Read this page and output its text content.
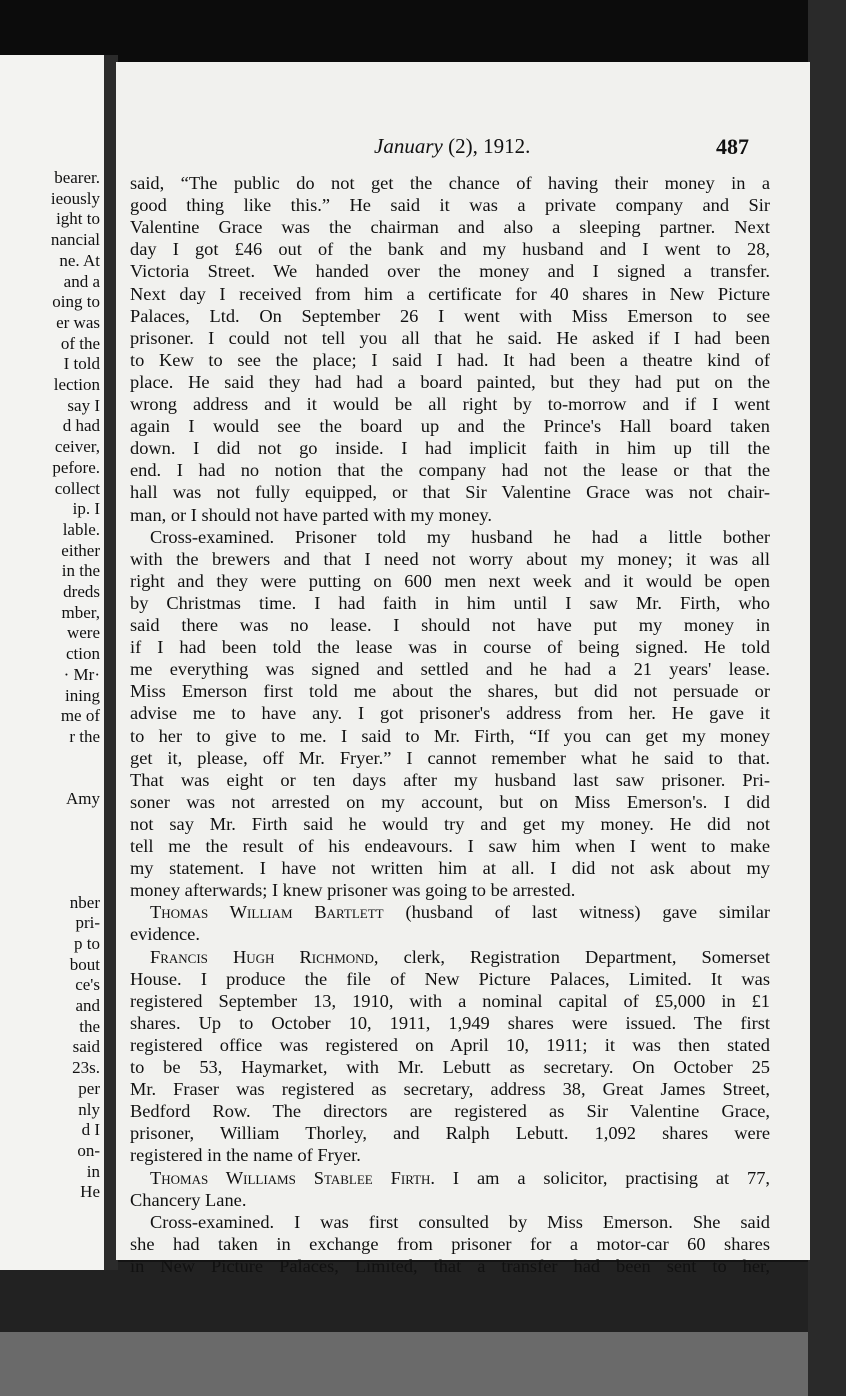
bearer.
ieously
ight to
nancial
ne. At
and a
oing to
er was
of the
I told
lection
say I
d had
ceiver,
pefore.
collect
ip. I
lable.
either
in the
dreds
mber,
were
ction
· Mr·
ining
me of
r the
Amy
nber
pri-
p to
bout
ce's
and
the
said
23s.
per
nly
d I
on-
in
He
January (2), 1912.	487
said, “The public do not get the chance of having their money in a
good thing like this.” He said it was a private company and Sir
Valentine Grace was the chairman and also a sleeping partner. Next
day I got £46 out of the bank and my husband and I went to 28,
Victoria Street. We handed over the money and I signed a transfer.
Next day I received from him a certificate for 40 shares in New Picture
Palaces, Ltd. On September 26 I went with Miss Emerson to see
prisoner. I could not tell you all that he said. He asked if I had been
to Kew to see the place; I said I had. It had been a theatre kind of
place. He said they had had a board painted, but they had put on the
wrong address and it would be all right by to-morrow and if I went
again I would see the board up and the Prince's Hall board taken
down. I did not go inside. I had implicit faith in him up till the
end. I had no notion that the company had not the lease or that the
hall was not fully equipped, or that Sir Valentine Grace was not chair-
man, or I should not have parted with my money.
Cross-examined. Prisoner told my husband he had a little bother
with the brewers and that I need not worry about my money; it was all
right and they were putting on 600 men next week and it would be open
by Christmas time. I had faith in him until I saw Mr. Firth, who
said there was no lease. I should not have put my money in
if I had been told the lease was in course of being signed. He told
me everything was signed and settled and he had a 21 years' lease.
Miss Emerson first told me about the shares, but did not persuade or
advise me to have any. I got prisoner's address from her. He gave it
to her to give to me. I said to Mr. Firth, “If you can get my money
get it, please, off Mr. Fryer.” I cannot remember what he said to that.
That was eight or ten days after my husband last saw prisoner. Pri-
soner was not arrested on my account, but on Miss Emerson's. I did
not say Mr. Firth said he would try and get my money. He did not
tell me the result of his endeavours. I saw him when I went to make
my statement. I have not written him at all. I did not ask about my
money afterwards; I knew prisoner was going to be arrested.
Thomas William Bartlett (husband of last witness) gave similar
evidence.
Francis Hugh Richmond, clerk, Registration Department, Somerset
House. I produce the file of New Picture Palaces, Limited. It was
registered September 13, 1910, with a nominal capital of £5,000 in £1
shares. Up to October 10, 1911, 1,949 shares were issued. The first
registered office was registered on April 10, 1911; it was then stated
to be 53, Haymarket, with Mr. Lebutt as secretary. On October 25
Mr. Fraser was registered as secretary, address 38, Great James Street,
Bedford Row. The directors are registered as Sir Valentine Grace,
prisoner, William Thorley, and Ralph Lebutt. 1,092 shares were
registered in the name of Fryer.
Thomas Williams Stablee Firth. I am a solicitor, practising at 77,
Chancery Lane.
Cross-examined. I was first consulted by Miss Emerson. She said
she had taken in exchange from prisoner for a motor-car 60 shares
in New Picture Palaces, Limited, that a transfer had been sent to her,
